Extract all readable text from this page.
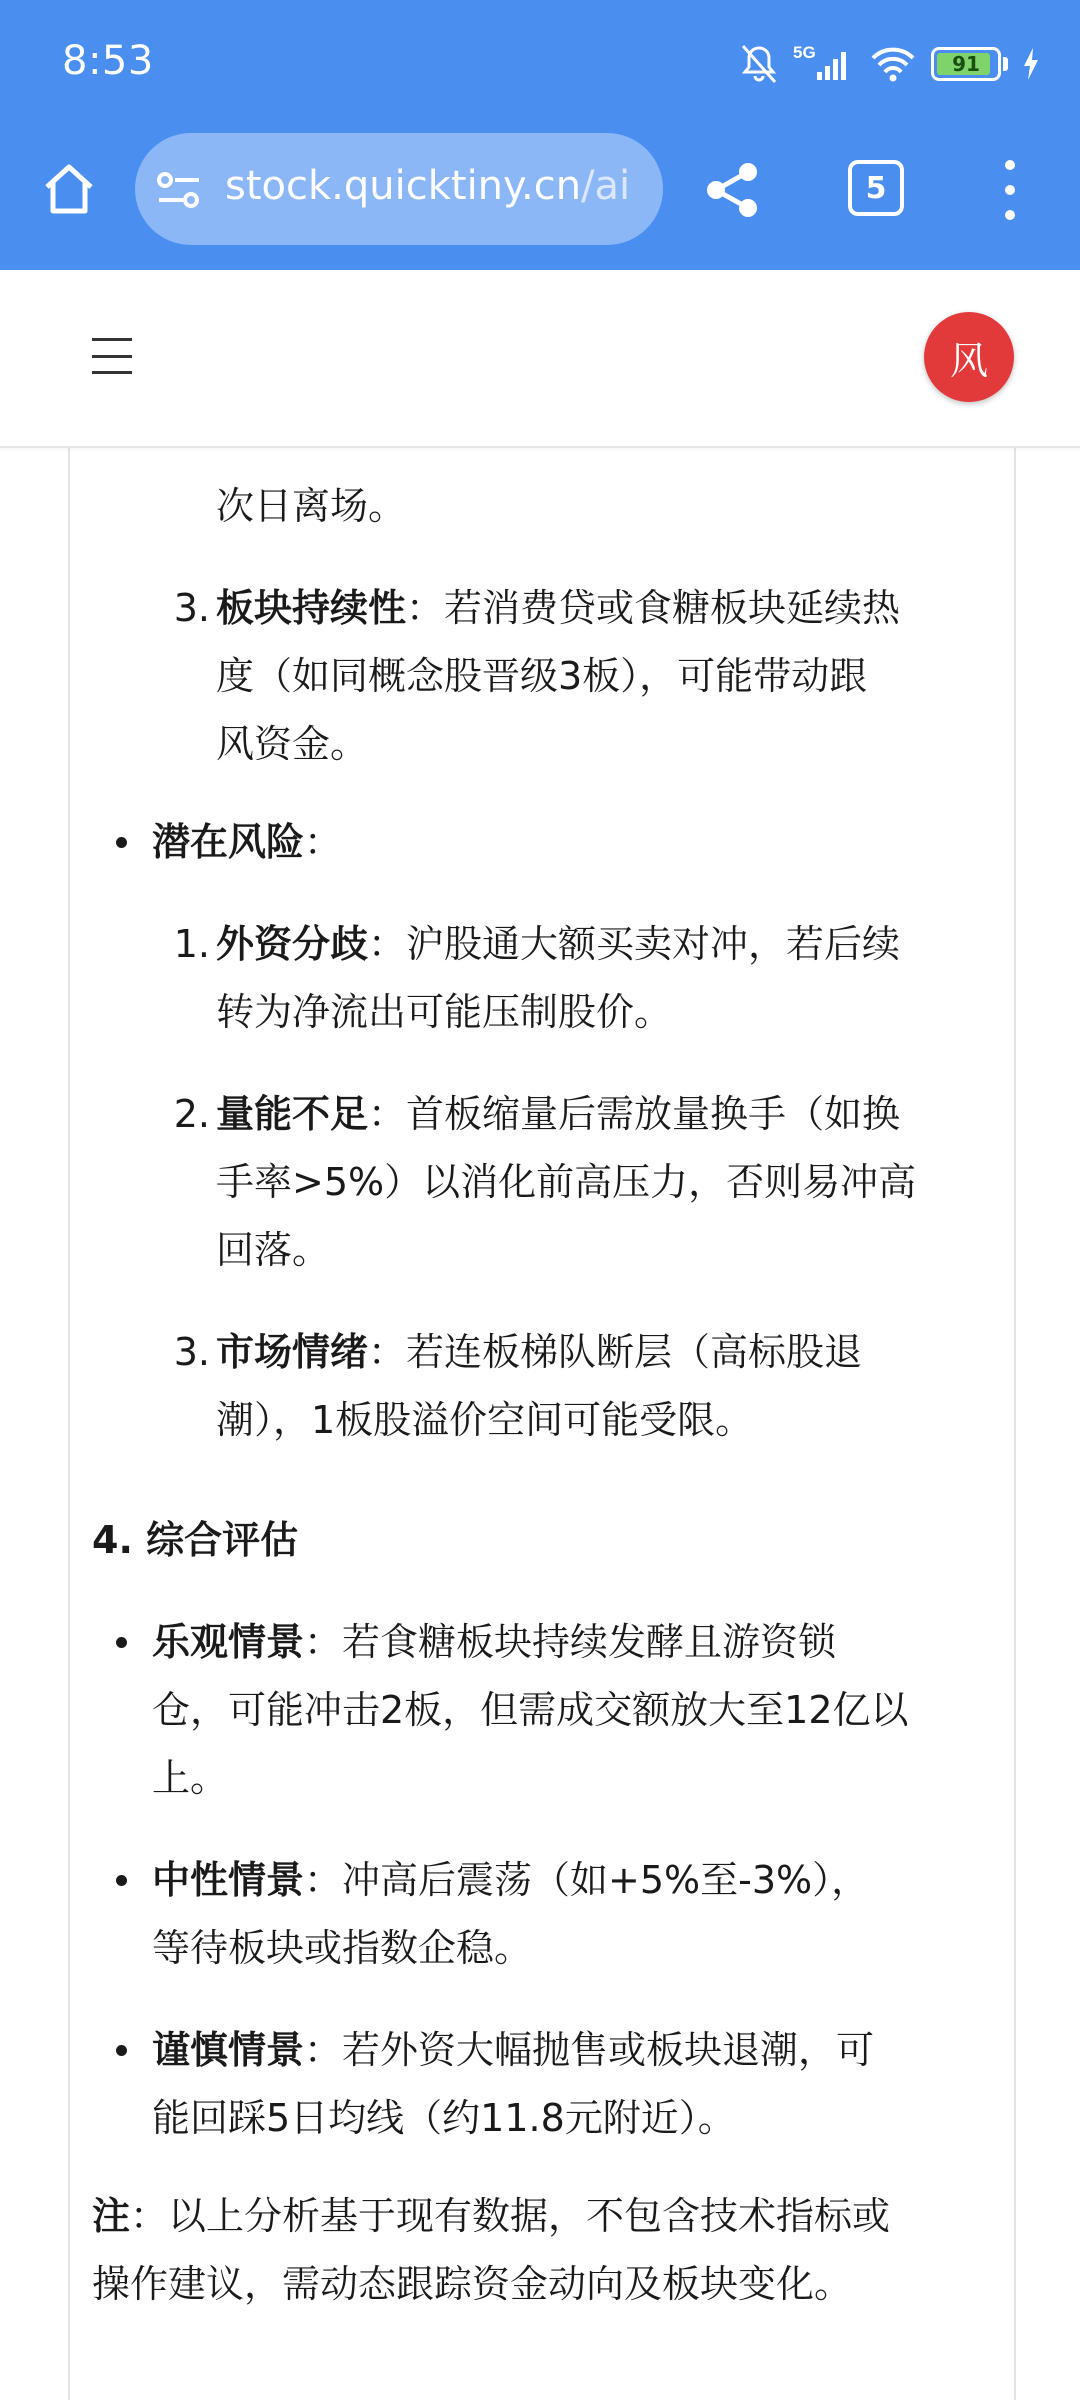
8:53	5G	91
stock.quicktiny.cn/ai	5
风
次日离场。
3. 板块持续性：若消费贷或食糖板块延续热
度（如同概念股晋级3板），可能带动跟
风资金。
潜在风险：
1. 外资分歧：沪股通大额买卖对冲，若后续
转为净流出可能压制股价。
2. 量能不足：首板缩量后需放量换手（如换
手率>5%）以消化前高压力，否则易冲高
回落。
3. 市场情绪：若连板梯队断层（高标股退
潮），1板股溢价空间可能受限。
4. 综合评估
乐观情景：若食糖板块持续发酵且游资锁
仓，可能冲击2板，但需成交额放大至12亿以
上。
中性情景：冲高后震荡（如+5%至-3%），
等待板块或指数企稳。
谨慎情景：若外资大幅抛售或板块退潮，可
能回踩5日均线（约11.8元附近）。
注：以上分析基于现有数据，不包含技术指标或
操作建议，需动态跟踪资金动向及板块变化。
